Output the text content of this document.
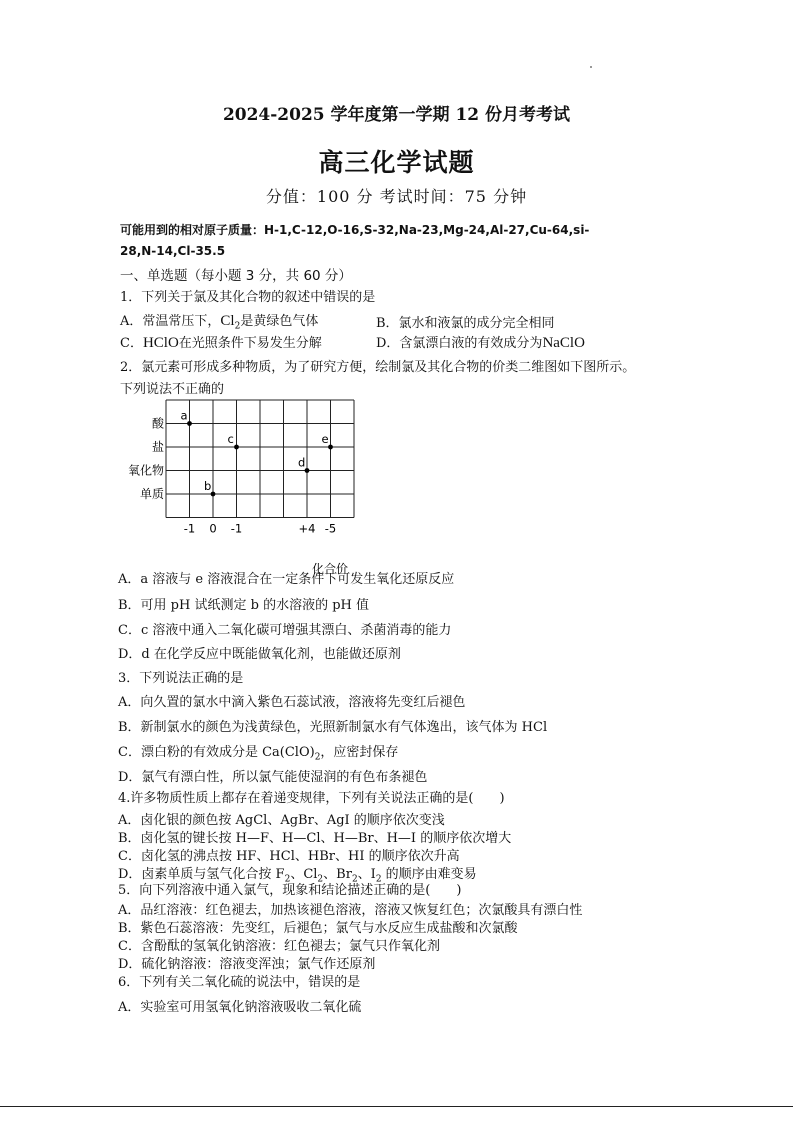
2024-2025 学年度第一学期 12 份月考考试
高三化学试题
分值：100 分 考试时间：75 分钟
可能用到的相对原子质量：H-1,C-12,O-16,S-32,Na-23,Mg-24,Al-27,Cu-64,si-28,N-14,Cl-35.5
一、单选题（每小题 3 分，共 60 分）
1．下列关于氯及其化合物的叙述中错误的是
A．常温常压下，$Cl_2$是黄绿色气体	B．氯水和液氯的成分完全相同
C．HClO在光照条件下易发生分解	D．含氯漂白液的有效成分为NaClO
2．氯元素可形成多种物质，为了研究方便，绘制氯及其化合物的价类二维图如下图所示。
下列说法不正确的
酸
盐
氧化物
单质
-1 0 -1	+4 -5
a
b
c
d
e
化合价
A．a 溶液与 e 溶液混合在一定条件下可发生氧化还原反应
B．可用 pH 试纸测定 b 的水溶液的 pH 值
C．c 溶液中通入二氧化碳可增强其漂白、杀菌消毒的能力
D．d 在化学反应中既能做氧化剂，也能做还原剂
3．下列说法正确的是
A．向久置的氯水中滴入紫色石蕊试液，溶液将先变红后褪色
B．新制氯水的颜色为浅黄绿色，光照新制氯水有气体逸出，该气体为 HCl
C．漂白粉的有效成分是 $Ca(ClO)_2$，应密封保存
D．氯气有漂白性，所以氯气能使湿润的有色布条褪色
4.许多物质性质上都存在着递变规律，下列有关说法正确的是(　　)
A．卤化银的颜色按 AgCl、AgBr、AgI 的顺序依次变浅
B．卤化氢的键长按 H—F、H—Cl、H—Br、H—I 的顺序依次增大
C．卤化氢的沸点按 HF、HCl、HBr、HI 的顺序依次升高
D．卤素单质与氢气化合按 $F_2$、$Cl_2$、$Br_2$、$I_2$ 的顺序由难变易
5．向下列溶液中通入氯气，现象和结论描述正确的是(　　)
A．品红溶液：红色褪去，加热该褪色溶液，溶液又恢复红色；次氯酸具有漂白性
B．紫色石蕊溶液：先变红，后褪色；氯气与水反应生成盐酸和次氯酸
C．含酚酞的氢氧化钠溶液：红色褪去；氯气只作氧化剂
D．硫化钠溶液：溶液变浑浊；氯气作还原剂
6．下列有关二氧化硫的说法中，错误的是
A．实验室可用氢氧化钠溶液吸收二氧化硫
